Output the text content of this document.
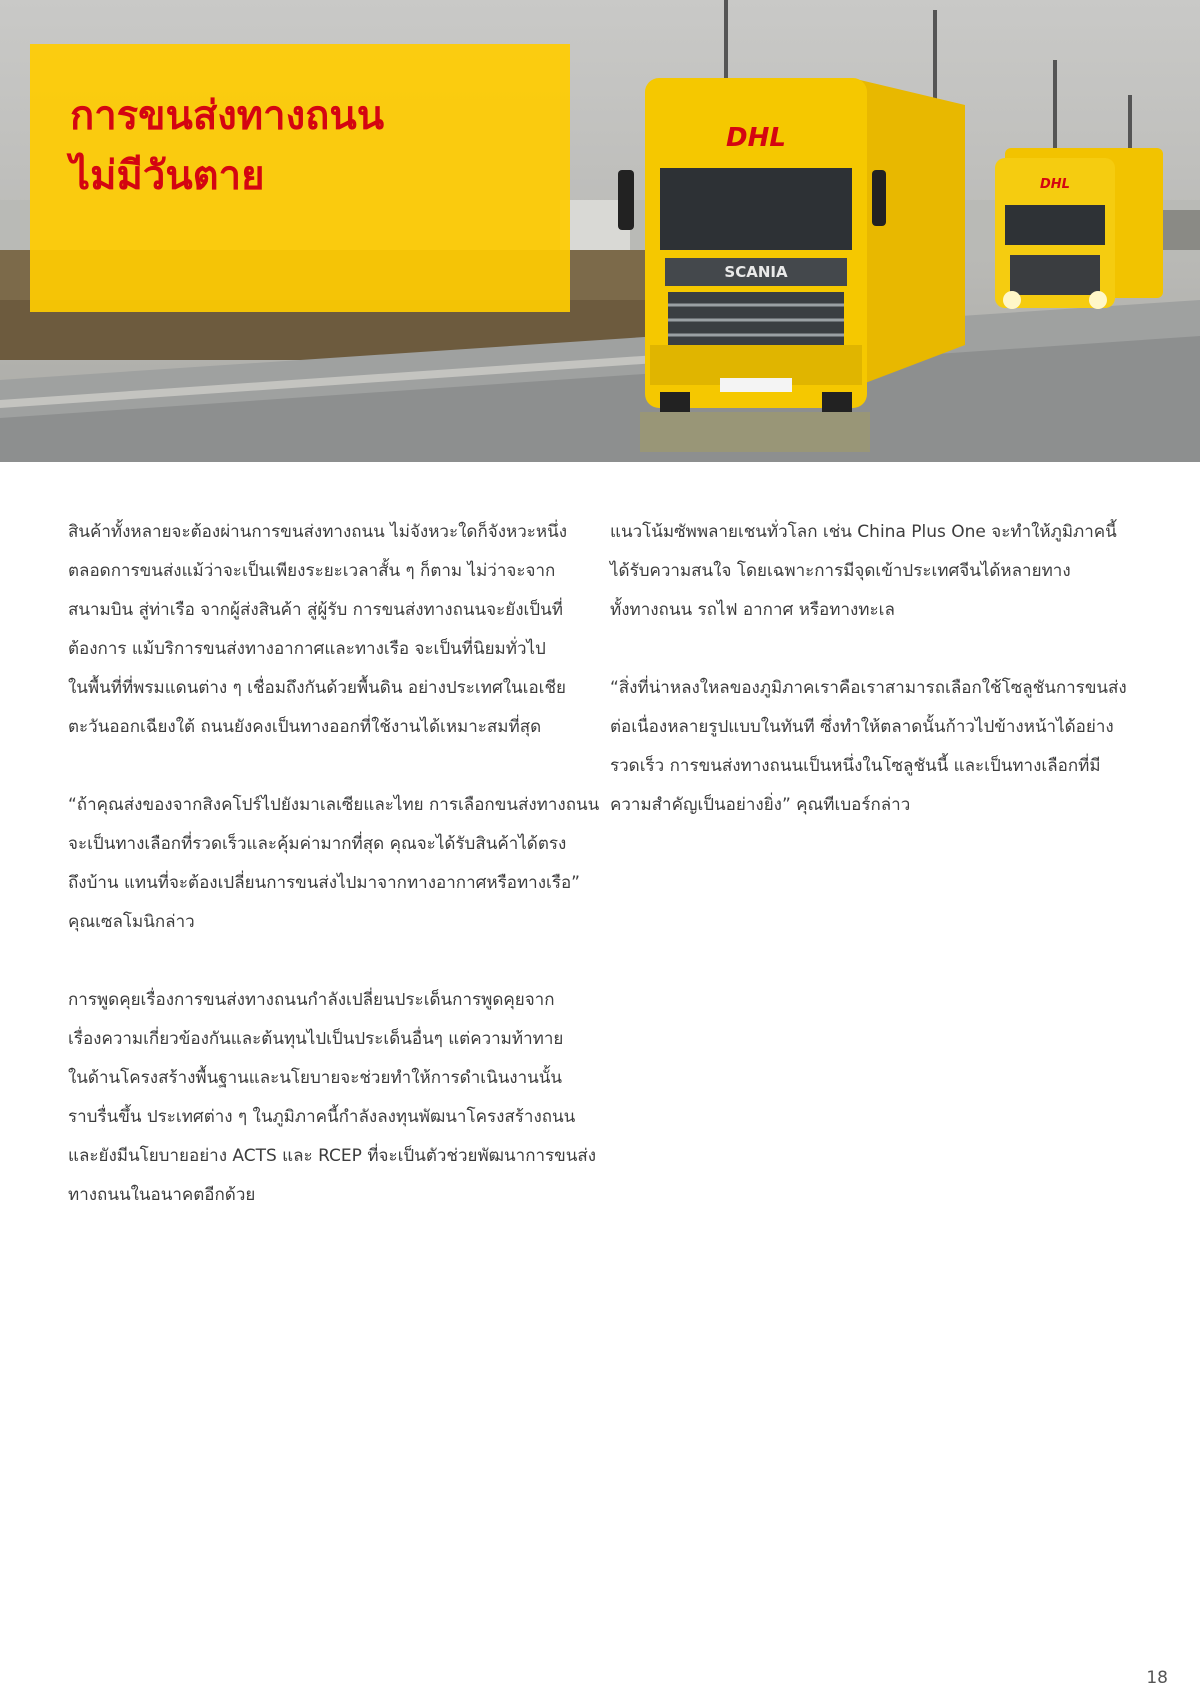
DHL
SCANIA
DHL
การขนส่งทางถนน
ไม่มีวันตาย

สินค้าทั้งหลายจะต้องผ่านการขนส่งทางถนน ไม่จังหวะใดก็จังหวะหนึ่ง
ตลอดการขนส่งแม้ว่าจะเป็นเพียงระยะเวลาสั้น ๆ ก็ตาม ไม่ว่าจะจาก
สนามบิน สู่ท่าเรือ จากผู้ส่งสินค้า สู่ผู้รับ การขนส่งทางถนนจะยังเป็นที่
ต้องการ แม้บริการขนส่งทางอากาศและทางเรือ จะเป็นที่นิยมทั่วไป
ในพื้นที่ที่พรมแดนต่าง ๆ เชื่อมถึงกันด้วยพื้นดิน อย่างประเทศในเอเชีย
ตะวันออกเฉียงใต้ ถนนยังคงเป็นทางออกที่ใช้งานได้เหมาะสมที่สุด

“ถ้าคุณส่งของจากสิงคโปร์ไปยังมาเลเซียและไทย การเลือกขนส่งทางถนน
จะเป็นทางเลือกที่รวดเร็วและคุ้มค่ามากที่สุด คุณจะได้รับสินค้าได้ตรง
ถึงบ้าน แทนที่จะต้องเปลี่ยนการขนส่งไปมาจากทางอากาศหรือทางเรือ”
คุณเซลโมนิกล่าว

การพูดคุยเรื่องการขนส่งทางถนนกำลังเปลี่ยนประเด็นการพูดคุยจาก
เรื่องความเกี่ยวข้องกันและต้นทุนไปเป็นประเด็นอื่นๆ แต่ความท้าทาย
ในด้านโครงสร้างพื้นฐานและนโยบายจะช่วยทำให้การดำเนินงานนั้น
ราบรื่นขึ้น ประเทศต่าง ๆ ในภูมิภาคนี้กำลังลงทุนพัฒนาโครงสร้างถนน
และยังมีนโยบายอย่าง ACTS และ RCEP ที่จะเป็นตัวช่วยพัฒนาการขนส่ง
ทางถนนในอนาคตอีกด้วย

แนวโน้มซัพพลายเชนทั่วโลก เช่น China Plus One จะทำให้ภูมิภาคนี้
ได้รับความสนใจ โดยเฉพาะการมีจุดเข้าประเทศจีนได้หลายทาง
ทั้งทางถนน รถไฟ อากาศ หรือทางทะเล

“สิ่งที่น่าหลงใหลของภูมิภาคเราคือเราสามารถเลือกใช้โซลูชันการขนส่ง
ต่อเนื่องหลายรูปแบบในทันที ซึ่งทำให้ตลาดนั้นก้าวไปข้างหน้าได้อย่าง
รวดเร็ว การขนส่งทางถนนเป็นหนึ่งในโซลูชันนี้ และเป็นทางเลือกที่มี
ความสำคัญเป็นอย่างยิ่ง” คุณทีเบอร์กล่าว

18
